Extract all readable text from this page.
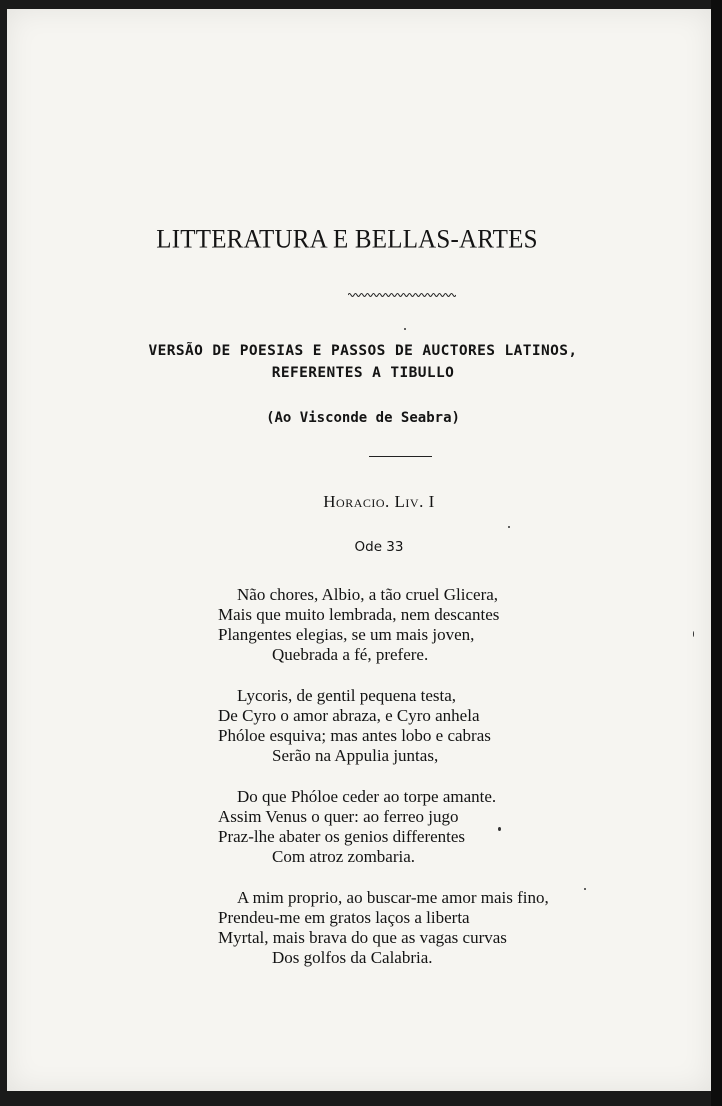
LITTERATURA E BELLAS-ARTES
VERSÃO DE POESIAS E PASSOS DE AUCTORES LATINOS,
REFERENTES A TIBULLO
(Ao Visconde de Seabra)
Horacio. Liv. I
Ode 33
Não chores, Albio, a tão cruel Glicera,
Mais que muito lembrada, nem descantes
Plangentes elegias, se um mais joven,
Quebrada a fé, prefere.
Lycoris, de gentil pequena testa,
De Cyro o amor abraza, e Cyro anhela
Phóloe esquiva; mas antes lobo e cabras
Serão na Appulia juntas,
Do que Phóloe ceder ao torpe amante.
Assim Venus o quer: ao ferreo jugo
Praz-lhe abater os genios differentes
Com atroz zombaria.
A mim proprio, ao buscar-me amor mais fino,
Prendeu-me em gratos laços a liberta
Myrtal, mais brava do que as vagas curvas
Dos golfos da Calabria.
